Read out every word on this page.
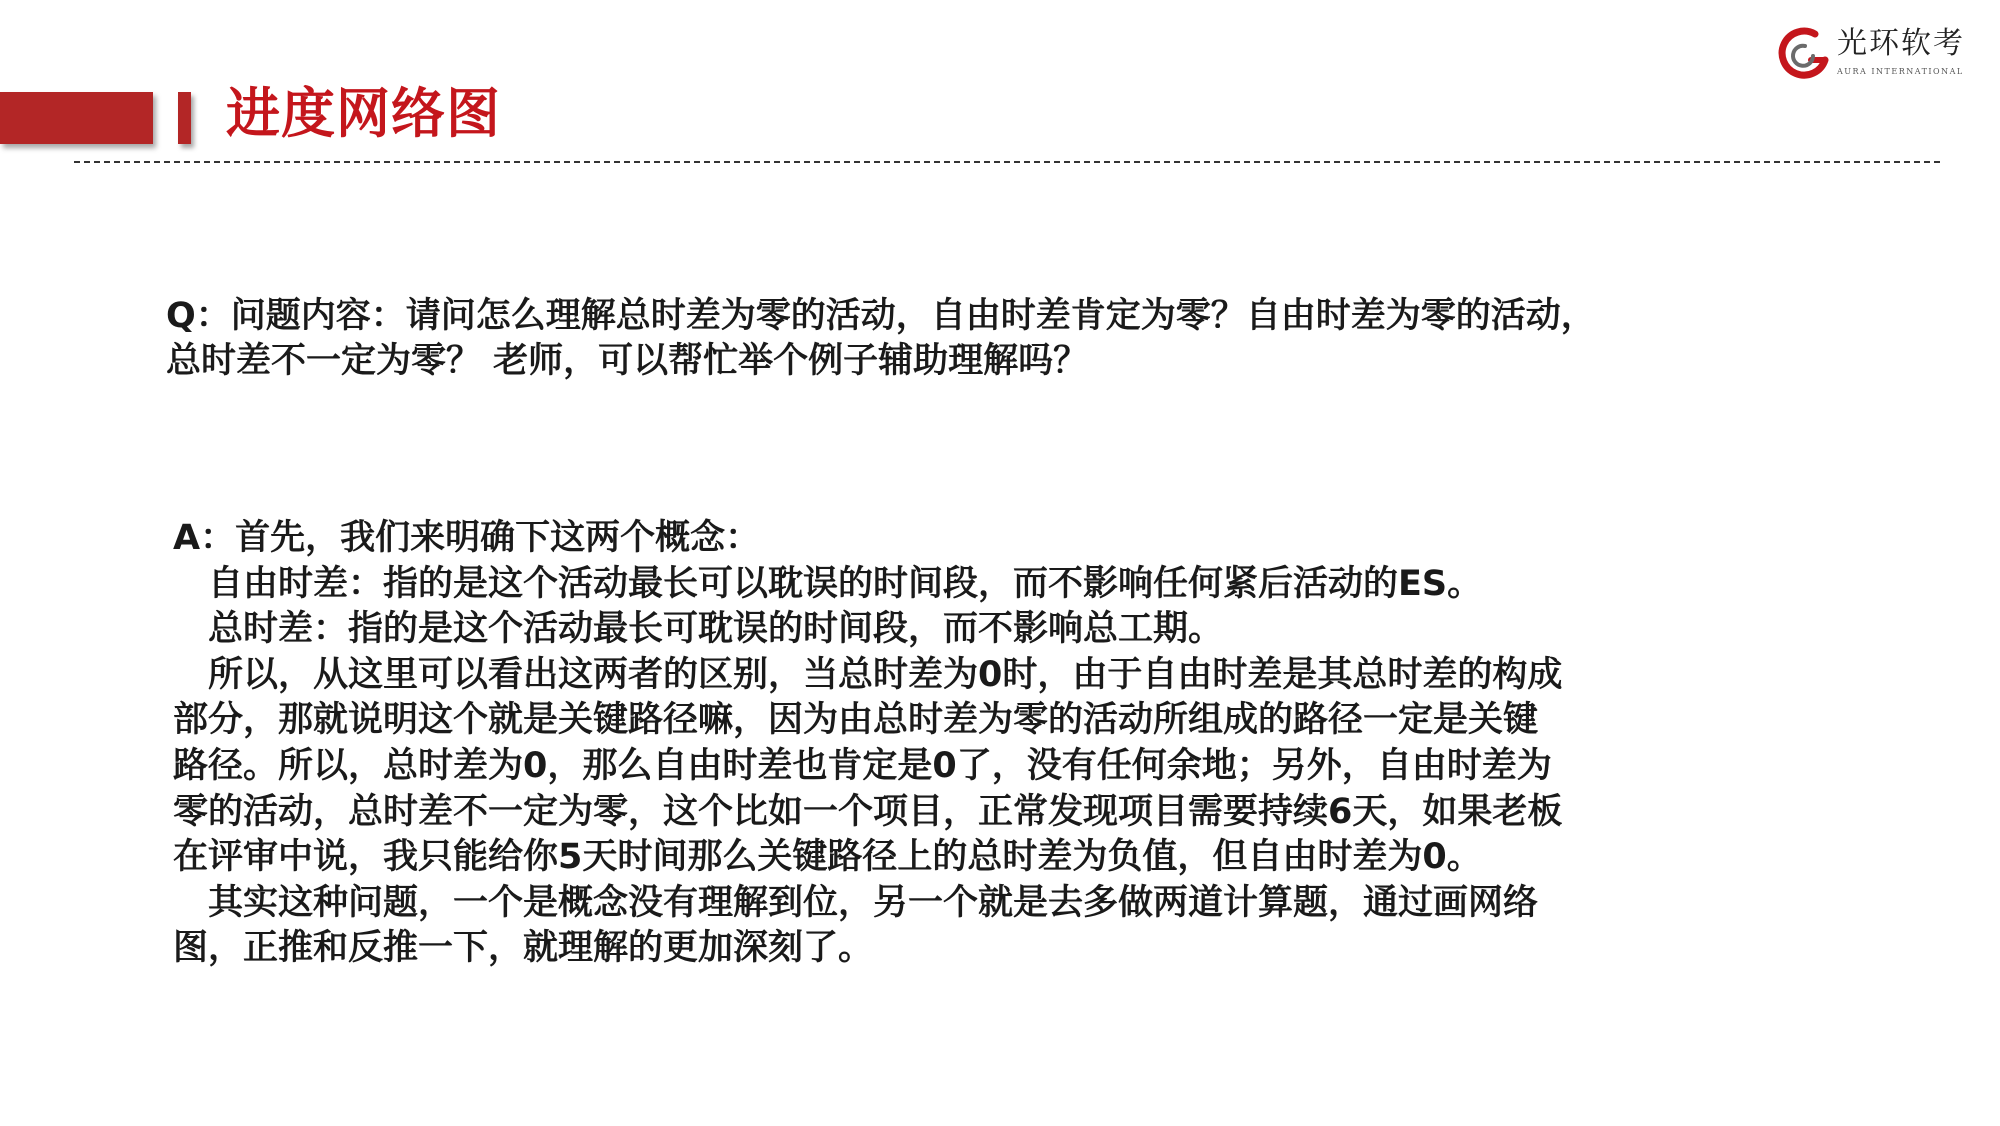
进度网络图
光环软考
AURA INTERNATIONAL

Q：问题内容：请问怎么理解总时差为零的活动，自由时差肯定为零？自由时差为零的活动，

总时差不一定为零？ 老师，可以帮忙举个例子辅助理解吗？

A：首先，我们来明确下这两个概念：

自由时差：指的是这个活动最长可以耽误的时间段，而不影响任何紧后活动的ES。

总时差：指的是这个活动最长可耽误的时间段，而不影响总工期。

所以，从这里可以看出这两者的区别，当总时差为0时，由于自由时差是其总时差的构成

部分，那就说明这个就是关键路径嘛，因为由总时差为零的活动所组成的路径一定是关键

路径。所以，总时差为0，那么自由时差也肯定是0了，没有任何余地；另外，自由时差为

零的活动，总时差不一定为零，这个比如一个项目，正常发现项目需要持续6天，如果老板

在评审中说，我只能给你5天时间那么关键路径上的总时差为负值，但自由时差为0。

其实这种问题，一个是概念没有理解到位，另一个就是去多做两道计算题，通过画网络

图，正推和反推一下，就理解的更加深刻了。
